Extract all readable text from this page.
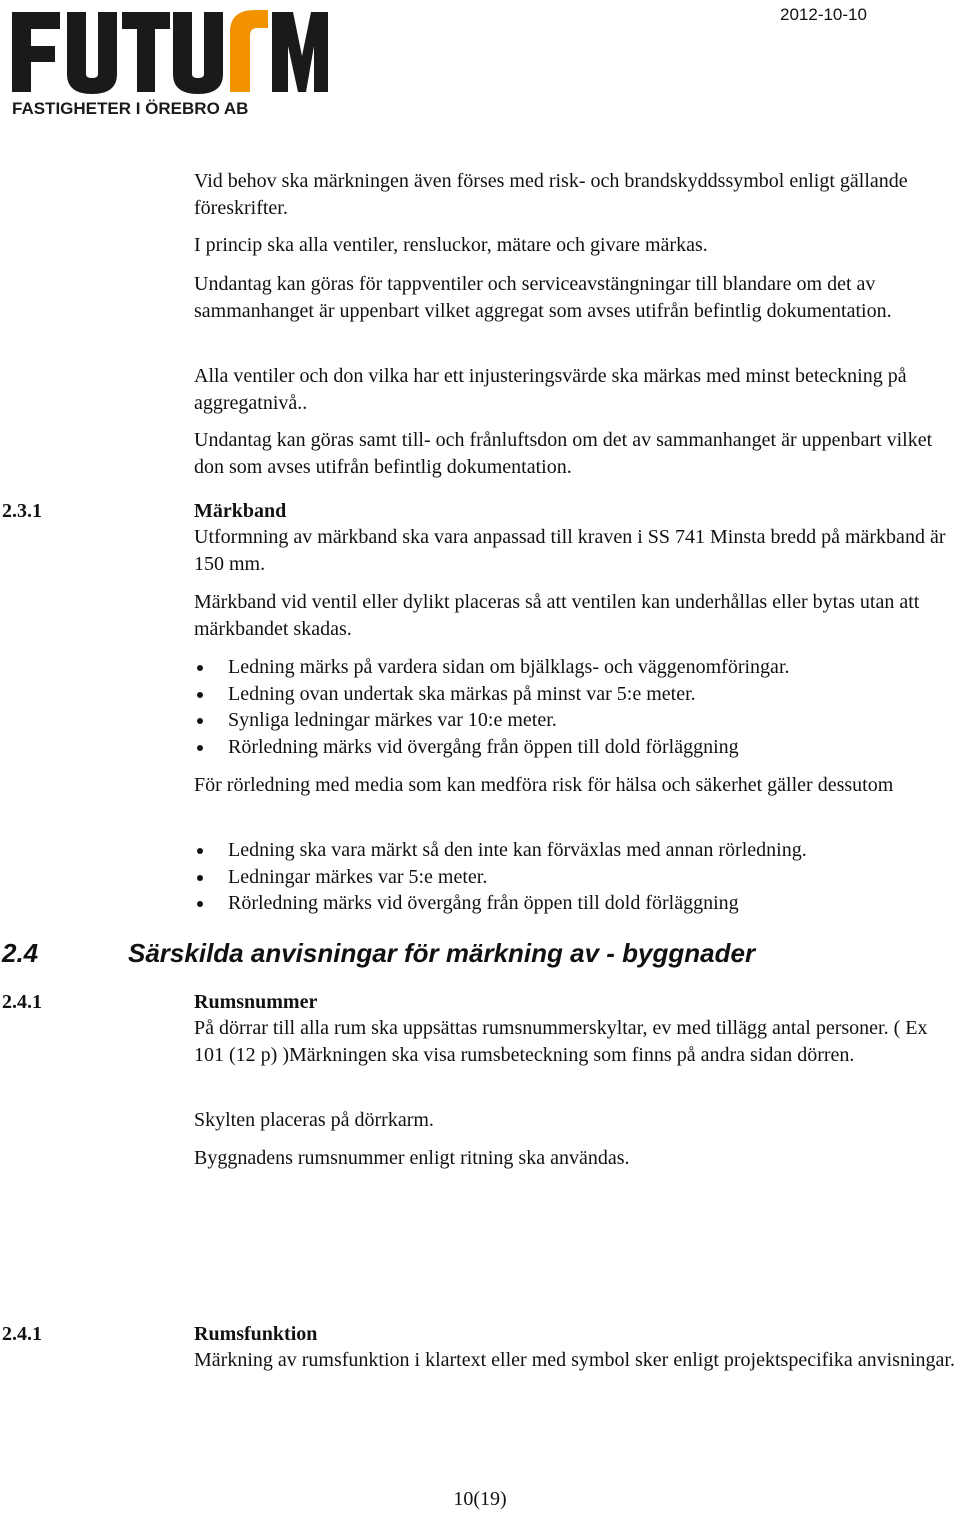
FASTIGHETER I ÖREBRO AB
2012-10-10

Vid behov ska märkningen även förses med risk- och brandskyddssymbol enligt gällande föreskrifter.

I princip ska alla ventiler, rensluckor, mätare och givare märkas.

Undantag kan göras för tappventiler och serviceavstängningar till blandare om det av sammanhanget är uppenbart vilket aggregat som avses utifrån befintlig dokumentation.

Alla ventiler och don vilka har ett injusteringsvärde ska märkas med minst beteckning på aggregatnivå..

Undantag kan göras samt till- och frånluftsdon om det av sammanhanget är uppenbart vilket don som avses utifrån befintlig dokumentation.

2.3.1	Märkband

Utformning av märkband ska vara anpassad till kraven i SS 741 Minsta bredd på märkband är 150 mm.

Märkband vid ventil eller dylikt placeras så att ventilen kan underhållas eller bytas utan att märkbandet skadas.

Ledning märks på vardera sidan om bjälklags- och väggenomföringar.
Ledning ovan undertak ska märkas på minst var 5:e meter.
Synliga ledningar märkes var 10:e meter.
Rörledning märks vid övergång från öppen till dold förläggning

För rörledning med media som kan medföra risk för hälsa och säkerhet gäller dessutom

Ledning ska vara märkt så den inte kan förväxlas med annan rörledning.
Ledningar märkes var 5:e meter.
Rörledning märks vid övergång från öppen till dold förläggning
2.4	Särskilda anvisningar för märkning av - byggnader
2.4.1	Rumsnummer

På dörrar till alla rum ska uppsättas rumsnummerskyltar, ev med tillägg antal personer. ( Ex 101 (12 p) )Märkningen ska visa rumsbeteckning som finns på andra sidan dörren.

Skylten placeras på dörrkarm.

Byggnadens rumsnummer enligt ritning ska användas.

2.4.1	Rumsfunktion

Märkning av rumsfunktion i klartext eller med symbol sker enligt projektspecifika anvisningar.

10(19)
